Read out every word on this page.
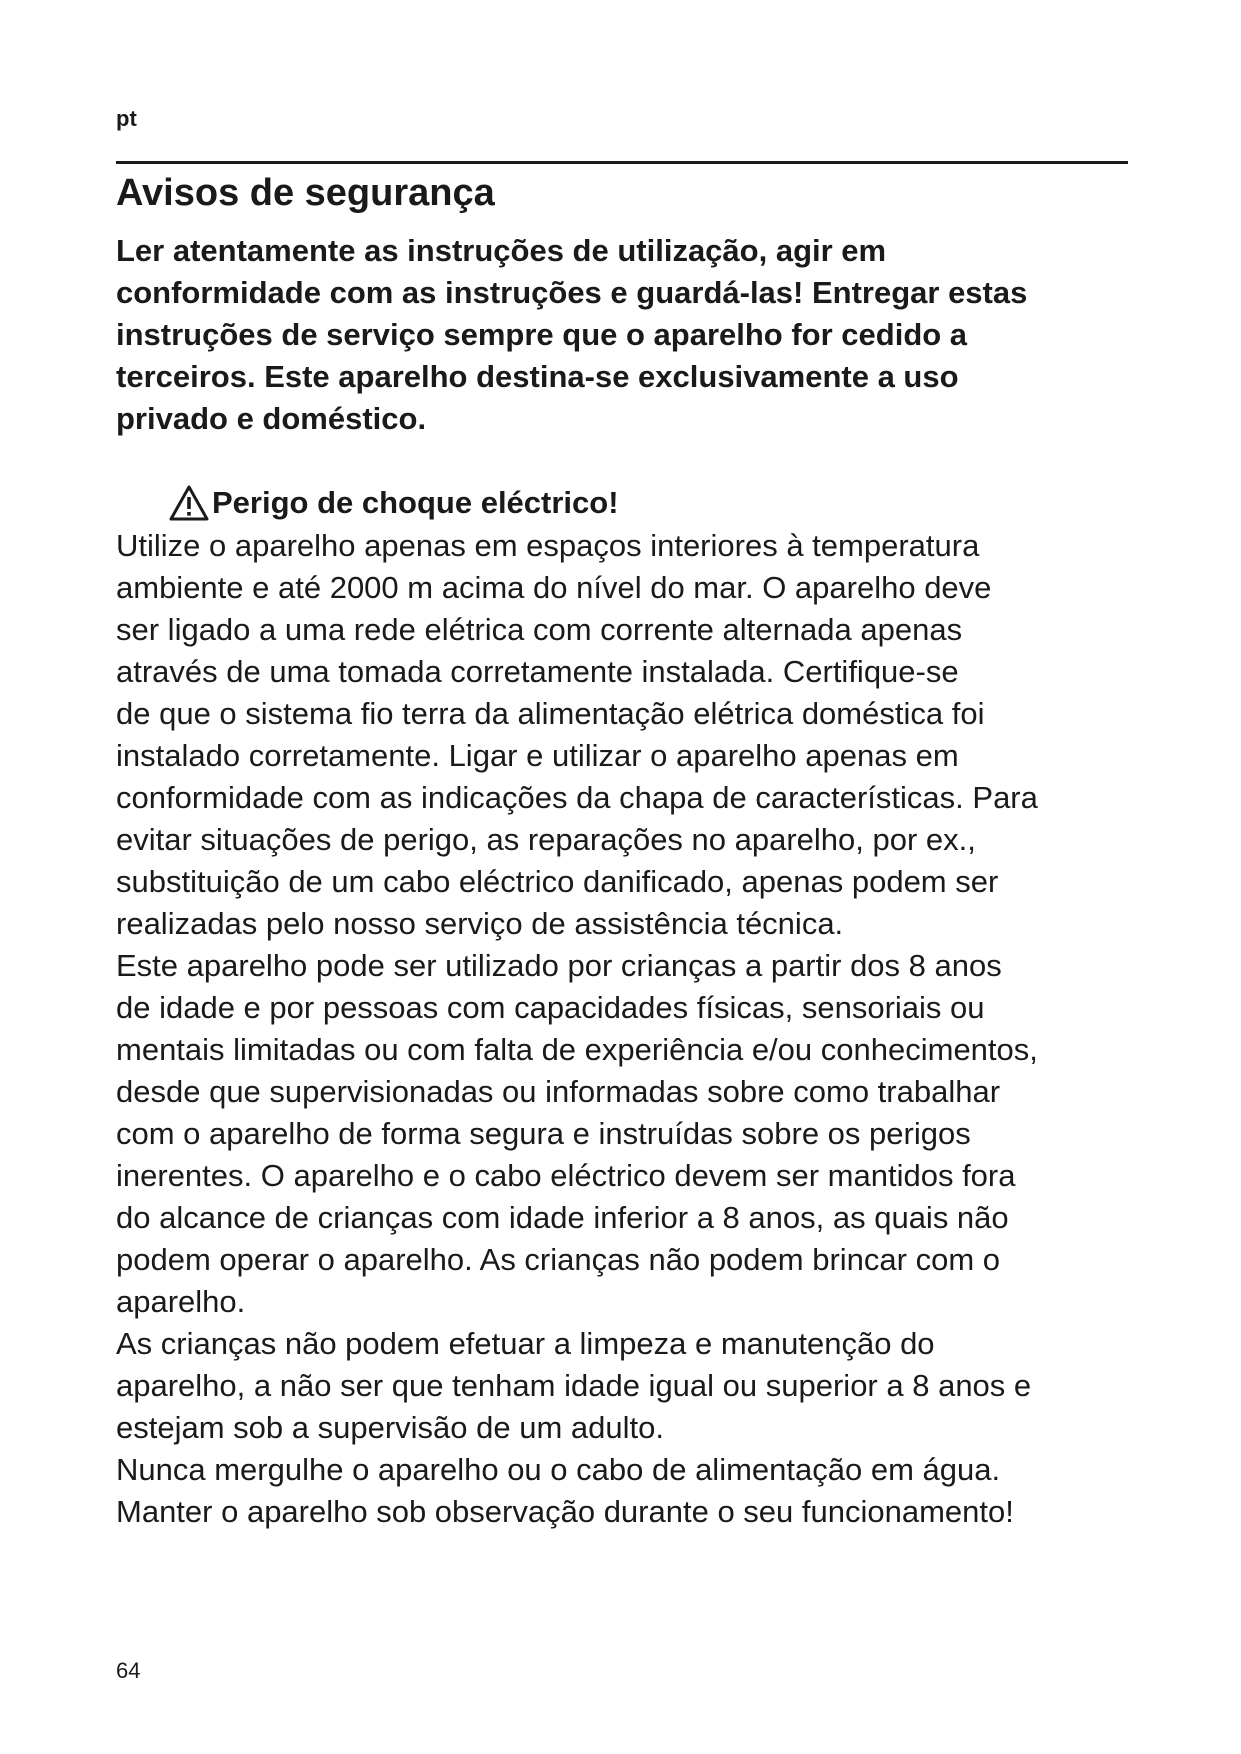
pt
Avisos de segurança
Ler atentamente as instruções de utilização, agir em
conformidade com as instruções e guardá-las! Entregar estas
instruções de serviço sempre que o aparelho for cedido a
terceiros. Este aparelho destina-se exclusivamente a uso
privado e doméstico.
Perigo de choque eléctrico!
Utilize o aparelho apenas em espaços interiores à temperatura
ambiente e até 2000 m acima do nível do mar. O aparelho deve
ser ligado a uma rede elétrica com corrente alternada apenas
através de uma tomada corretamente instalada. Certifique-se
de que o sistema fio terra da alimentação elétrica doméstica foi
instalado corretamente. Ligar e utilizar o aparelho apenas em
conformidade com as indicações da chapa de características. Para
evitar situações de perigo, as reparações no aparelho, por ex.,
substituição de um cabo eléctrico danificado, apenas podem ser
realizadas pelo nosso serviço de assistência técnica.
Este aparelho pode ser utilizado por crianças a partir dos 8 anos
de idade e por pessoas com capacidades físicas, sensoriais ou
mentais limitadas ou com falta de experiência e/ou conhecimentos,
desde que supervisionadas ou informadas sobre como trabalhar
com o aparelho de forma segura e instruídas sobre os perigos
inerentes. O aparelho e o cabo eléctrico devem ser mantidos fora
do alcance de crianças com idade inferior a 8 anos, as quais não
podem operar o aparelho. As crianças não podem brincar com o
aparelho.
As crianças não podem efetuar a limpeza e manutenção do
aparelho, a não ser que tenham idade igual ou superior a 8 anos e
estejam sob a supervisão de um adulto.
Nunca mergulhe o aparelho ou o cabo de alimentação em água.
Manter o aparelho sob observação durante o seu funcionamento!
64
